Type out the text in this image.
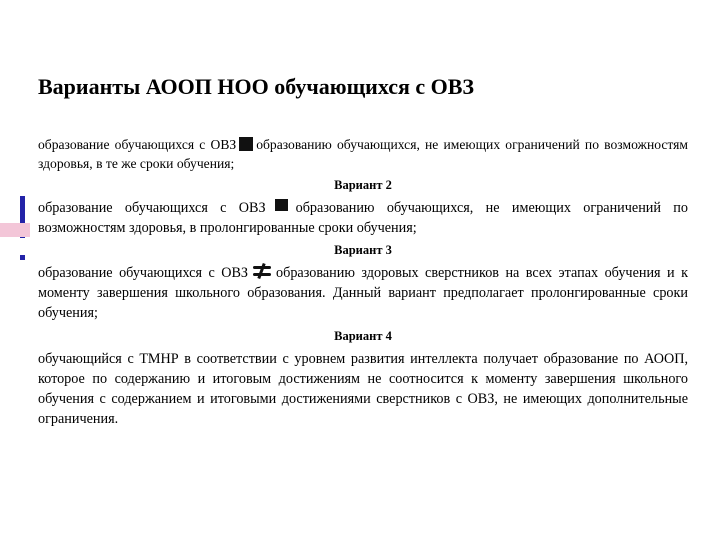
Варианты АООП НОО обучающихся с ОВЗ

образование обучающихся с ОВЗ образованию обучающихся, не имеющих ограничений по возможностям здоровья, в те же сроки обучения;

Вариант 2

образование обучающихся с ОВЗ образованию обучающихся, не имеющих ограничений по возможностям здоровья, в пролонгированные сроки обучения;

Вариант 3

образование обучающихся с ОВЗ образованию здоровых сверстников на всех этапах обучения и к моменту завершения школьного образования. Данный вариант предполагает пролонгированные сроки обучения;

Вариант 4

обучающийся с ТМНР в соответствии с уровнем развития интеллекта получает образование по АООП, которое по содержанию и итоговым достижениям не соотносится к моменту завершения школьного обучения с содержанием и итоговыми достижениями сверстников с ОВЗ, не имеющих дополнительные ограничения.
